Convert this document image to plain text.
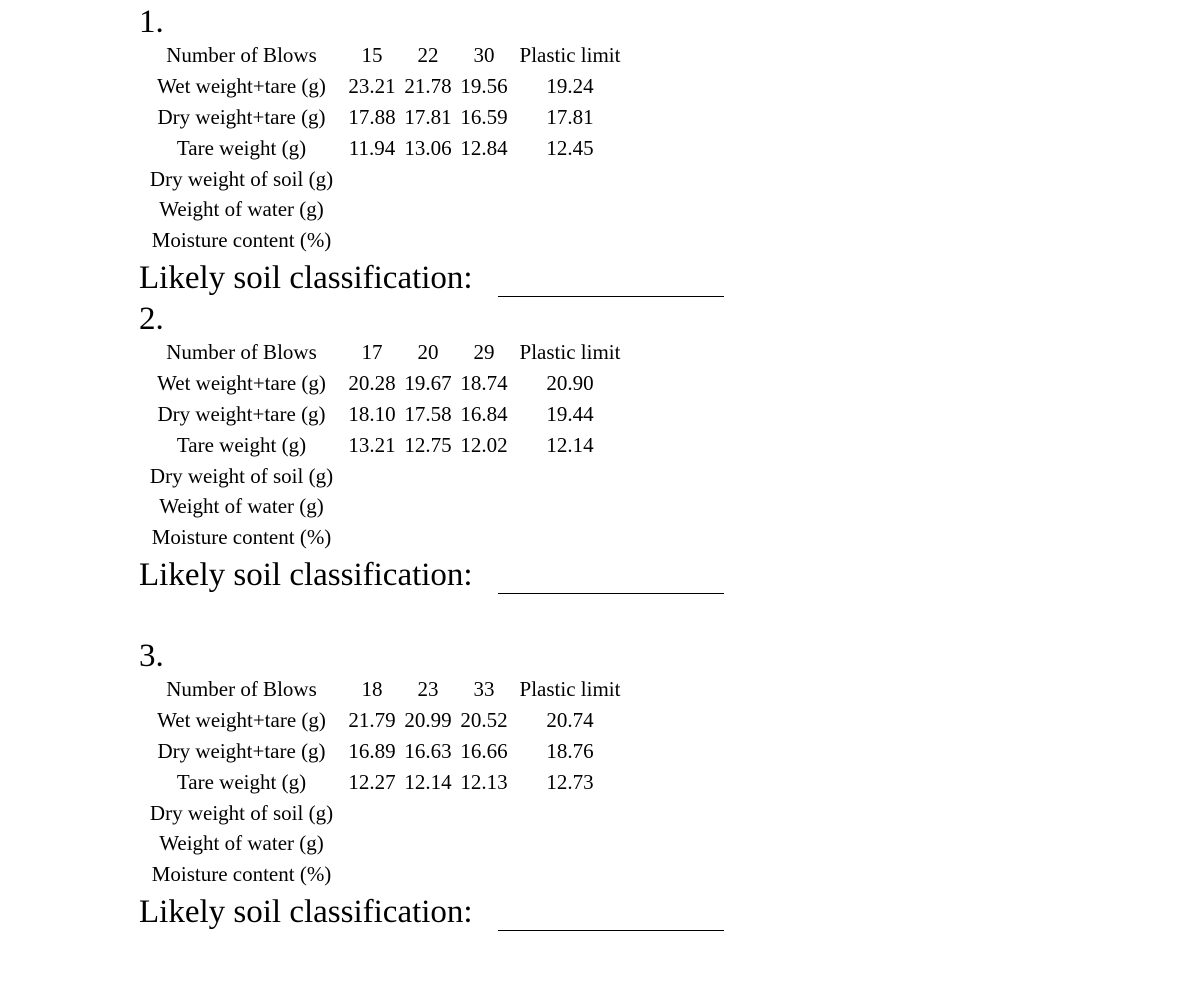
1.
Number of Blows	15	22	30	Plastic limit
Wet weight+tare (g)	23.21 21.78 19.56	19.24
Dry weight+tare (g)	17.88 17.81 16.59	17.81
Tare weight (g)	11.94 13.06 12.84	12.45
Dry weight of soil (g)
Weight of water (g)
Moisture content (%)
Likely soil classification:
2.
Number of Blows	17	20	29	Plastic limit
Wet weight+tare (g)	20.28 19.67 18.74	20.90
Dry weight+tare (g)	18.10 17.58 16.84	19.44
Tare weight (g)	13.21 12.75 12.02	12.14
Dry weight of soil (g)
Weight of water (g)
Moisture content (%)
Likely soil classification:
3.
Number of Blows	18	23	33	Plastic limit
Wet weight+tare (g)	21.79 20.99 20.52	20.74
Dry weight+tare (g)	16.89 16.63 16.66	18.76
Tare weight (g)	12.27 12.14 12.13	12.73
Dry weight of soil (g)
Weight of water (g)
Moisture content (%)
Likely soil classification:
